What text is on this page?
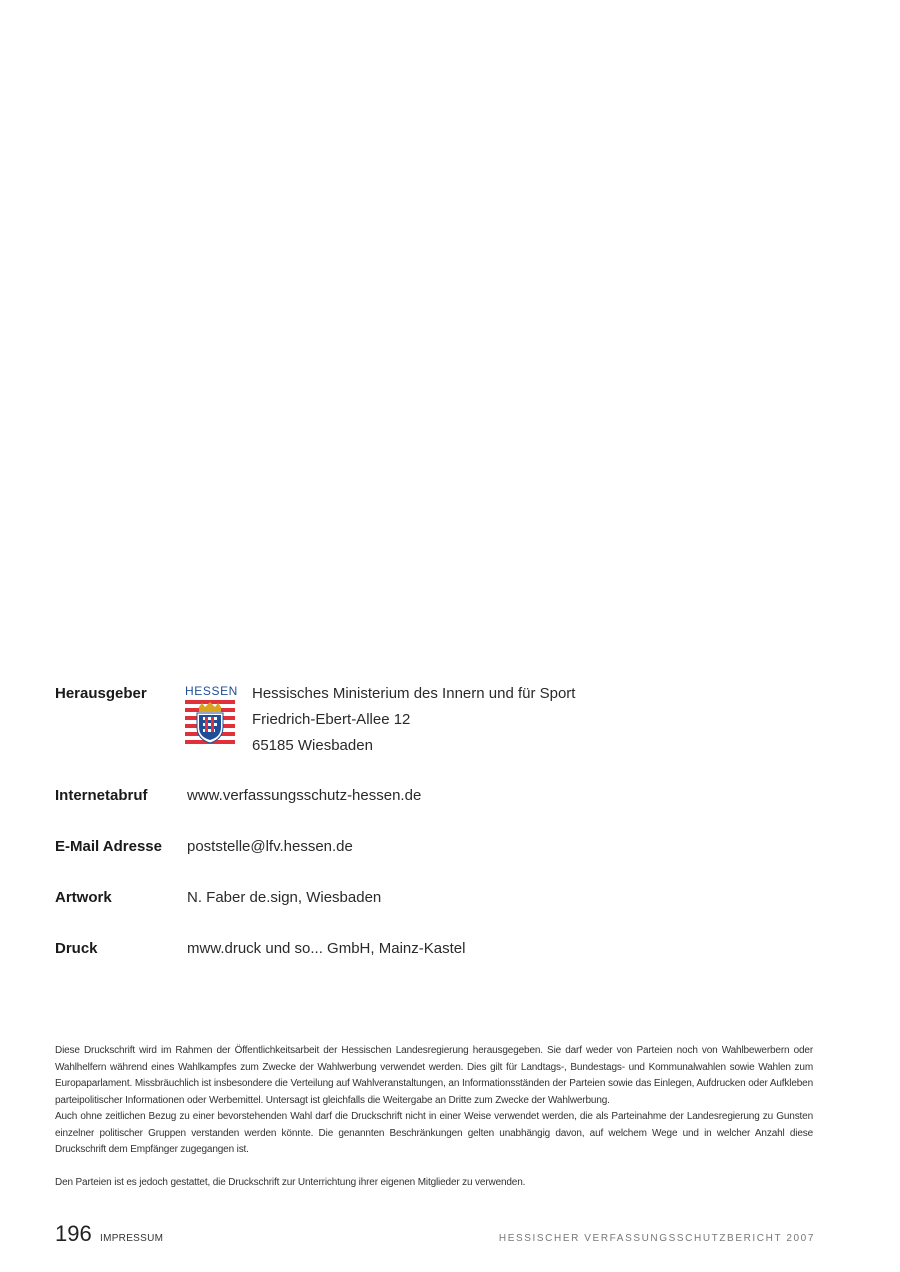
Herausgeber	HESSEN Hessisches Ministerium des Innern und für Sport
Friedrich-Ebert-Allee 12
65185 Wiesbaden
Internetabruf	www.verfassungsschutz-hessen.de
E-Mail Adresse	poststelle@lfv.hessen.de
Artwork	N. Faber de.sign, Wiesbaden
Druck	mww.druck und so... GmbH, Mainz-Kastel

Diese Druckschrift wird im Rahmen der Öffentlichkeitsarbeit der Hessischen Landesregierung herausgegeben. Sie darf weder von Parteien noch von Wahlbewerbern oder Wahlhelfern während eines Wahlkampfes zum Zwecke der Wahlwerbung verwendet werden. Dies gilt für Landtags-, Bundestags- und Kommunalwahlen sowie Wahlen zum Europaparlament. Missbräuchlich ist insbesondere die Verteilung auf Wahlveranstaltungen, an Informationsständen der Parteien sowie das Einlegen, Aufdrucken oder Aufkleben parteipolitischer Informationen oder Werbemittel. Untersagt ist gleichfalls die Weitergabe an Dritte zum Zwecke der Wahlwerbung.

Auch ohne zeitlichen Bezug zu einer bevorstehenden Wahl darf die Druckschrift nicht in einer Weise verwendet werden, die als Parteinahme der Landesregierung zu Gunsten einzelner politischer Gruppen verstanden werden könnte. Die genannten Beschränkungen gelten unabhängig davon, auf welchem Wege und in welcher Anzahl diese Druckschrift dem Empfänger zugegangen ist.

Den Parteien ist es jedoch gestattet, die Druckschrift zur Unterrichtung ihrer eigenen Mitglieder zu verwenden.

196 IMPRESSUM	HESSISCHER VERFASSUNGSSCHUTZBERICHT 2007
